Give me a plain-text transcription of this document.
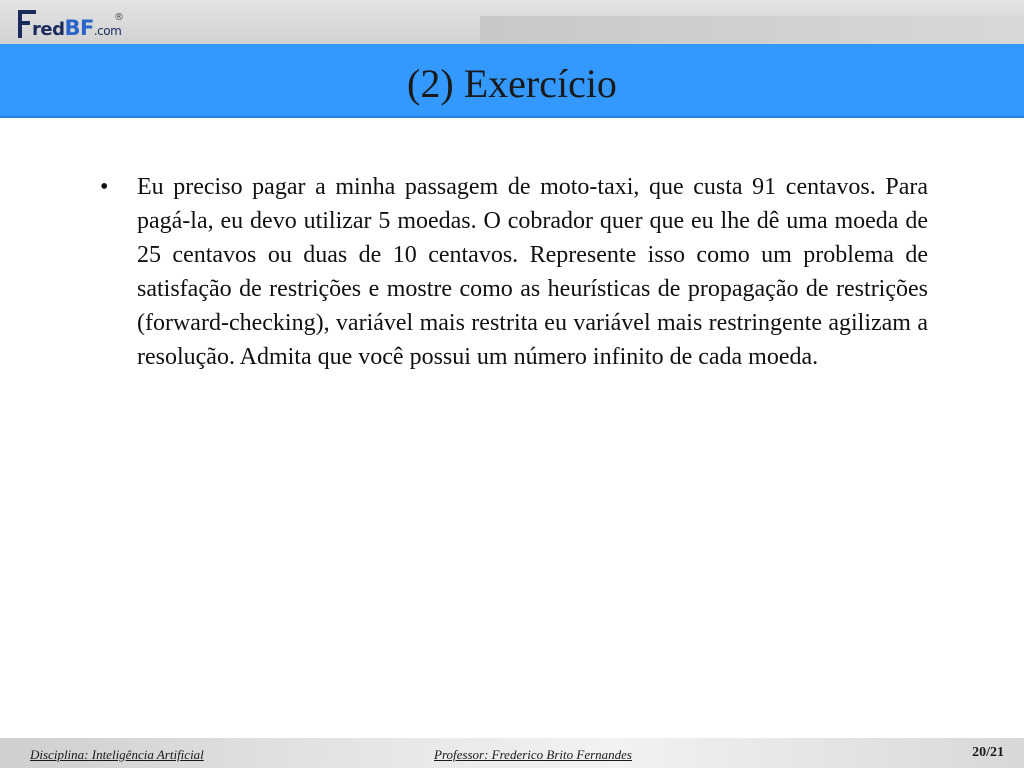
redBF.com
®
(2) Exercício
• Eu preciso pagar a minha passagem de moto-taxi, que custa 91 centavos. Para pagá-la, eu devo utilizar 5 moedas. O cobrador quer que eu lhe dê uma moeda de 25 centavos ou duas de 10 centavos. Represente isso como um problema de satisfação de restrições e mostre como as heurísticas de propagação de restrições (forward-checking), variável mais restrita eu variável mais restringente agilizam a resolução. Admita que você possui um número infinito de cada moeda.
Disciplina: Inteligência Artificial	Professor: Frederico Brito Fernandes	20/21
